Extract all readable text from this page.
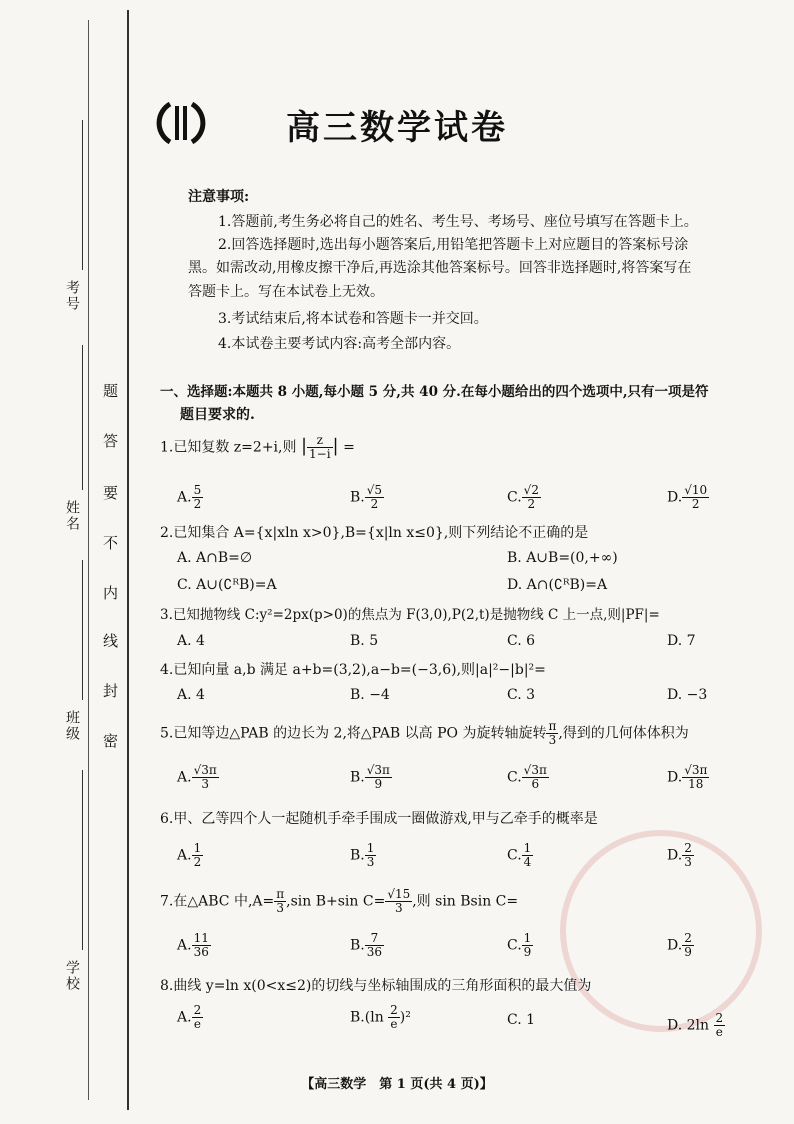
考号
姓名
班级
学校
题
答
要
不
内
线
封
密
高三数学试卷
注意事项:
1.答题前,考生务必将自己的姓名、考生号、考场号、座位号填写在答题卡上。
2.回答选择题时,选出每小题答案后,用铅笔把答题卡上对应题目的答案标号涂
黑。如需改动,用橡皮擦干净后,再选涂其他答案标号。回答非选择题时,将答案写在
答题卡上。写在本试卷上无效。
3.考试结束后,将本试卷和答题卡一并交回。
4.本试卷主要考试内容:高考全部内容。
一、选择题:本题共 8 小题,每小题 5 分,共 40 分.在每小题给出的四个选项中,只有一项是符
题目要求的.
1.已知复数 z=2+i,则 | $\frac{z}{1-i}$ | =
A. $\frac{5}{2}$	B. $\frac{√5}{2}$	C. $\frac{√2}{2}$	D. $\frac{√10}{2}$
2.已知集合 A={x|xln x>0},B={x|ln x≤0},则下列结论不正确的是
A. A∩B=∅	B. A∪B=(0,+∞)
C. A∪(∁ᴿB)=A	D. A∩(∁ᴿB)=A
3.已知抛物线 C:y²=2px(p>0)的焦点为 F(3,0),P(2,t)是抛物线 C 上一点,则|PF|=
A. 4	B. 5	C. 6	D. 7
4.已知向量 a,b 满足 a+b=(3,2),a−b=(−3,6),则|a|²−|b|²=
A. 4	B. −4	C. 3	D. −3
5.已知等边△PAB 的边长为 2,将△PAB 以高 PO 为旋转轴旋转 $\frac{\pi}{3}$ ,得到的几何体体积为
A. $\frac{√3\pi}{3}$	B. $\frac{√3\pi}{9}$	C. $\frac{√3\pi}{6}$	D. $\frac{√3\pi}{18}$
6.甲、乙等四个人一起随机手牵手围成一圈做游戏,甲与乙牵手的概率是
A. $\frac{1}{2}$	B. $\frac{1}{3}$	C. $\frac{1}{4}$	D. $\frac{2}{3}$
7.在△ABC 中$,A= \frac{\pi}{3} ,\sin$ B+sin $C= \frac{√15}{3}$ ,则 sin Bsin C=
A. $\frac{11}{36}$	B. $\frac{7}{36}$	C. $\frac{1}{9}$	D. $\frac{2}{9}$
8.曲线 y=ln x(0<x≤2)的切线与坐标轴围成的三角形面积的最大值为
A. $\frac{2}{e}$	$B.(\ln \frac{2}{e} )^2$	C. 1	D. $2\ln \frac{2}{e}$
【高三数学　第 1 页(共 4 页)】
